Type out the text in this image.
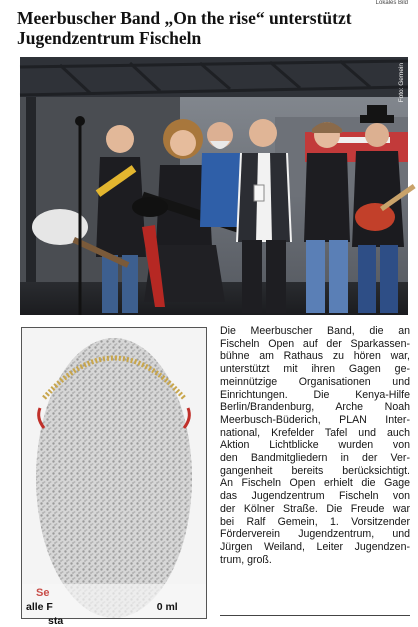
Lokales Bild
Meerbuscher Band „On the rise“ unterstützt
Jugendzentrum Fischeln
Foto: Gemein
Se
alle F	0 ml
sta
Die Meerbuscher Band, die an
Fischeln Open auf der Sparkassen-
bühne am Rathaus zu hören war,
unterstützt mit ihren Gagen ge-
meinnützige Organisationen und
Einrichtungen. Die Kenya-Hilfe
Berlin/Brandenburg, Arche Noah
Meerbusch-Büderich, PLAN Inter-
national, Krefelder Tafel und auch
Aktion Lichtblicke wurden von
den Bandmitgliedern in der Ver-
gangenheit bereits berücksichtigt.
An Fischeln Open erhielt die Gage
das Jugendzentrum Fischeln von
der Kölner Straße. Die Freude war
bei Ralf Gemein, 1. Vorsitzender
Förderverein Jugendzentrum, und
Jürgen Weiland, Leiter Jugendzen-
trum, groß.
